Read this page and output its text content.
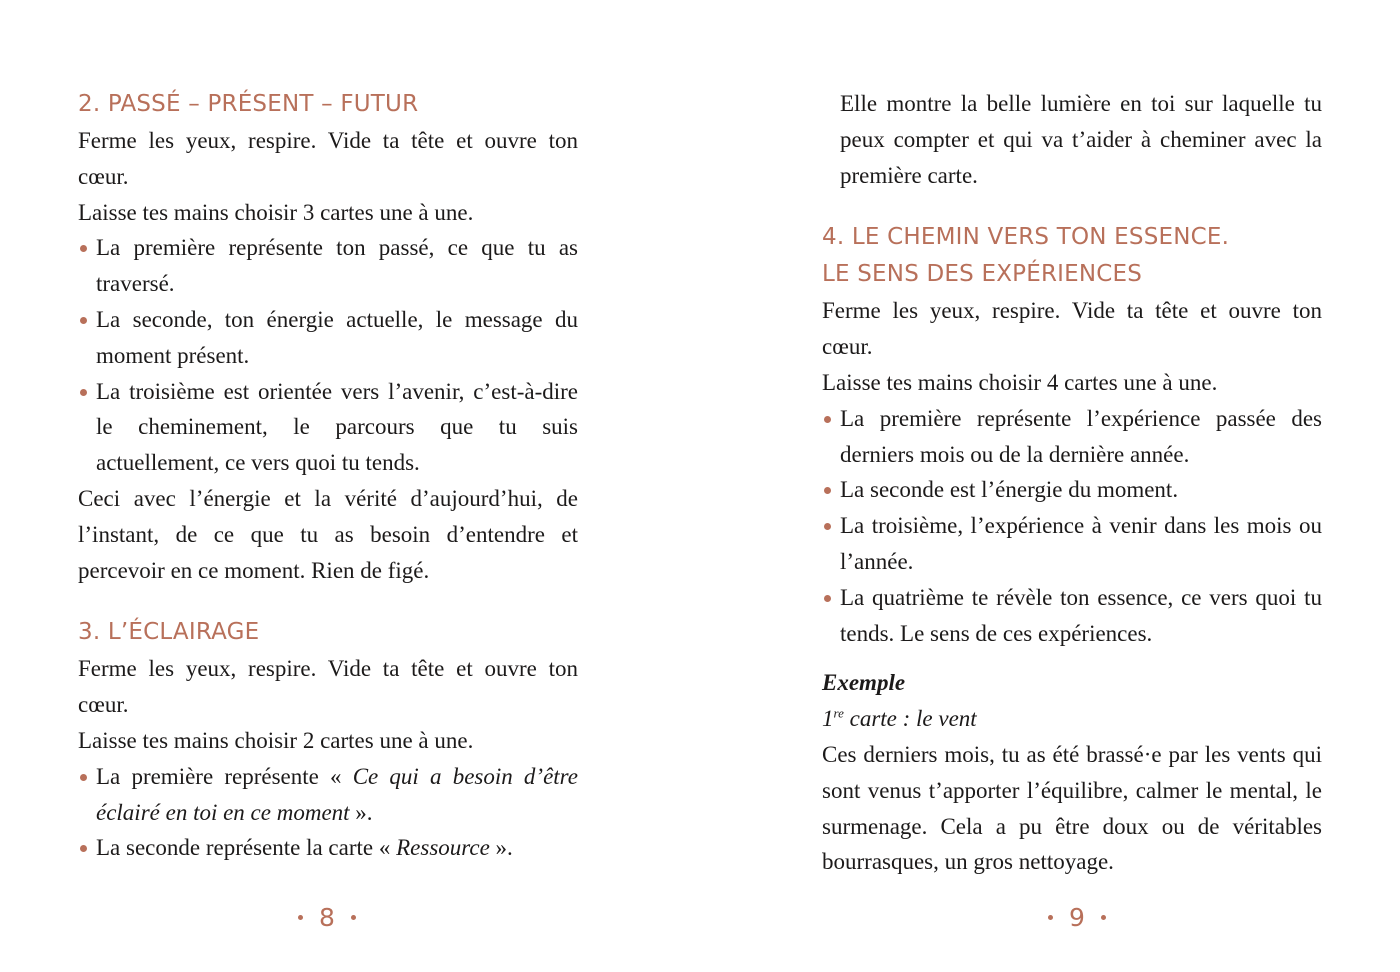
2. PASSÉ – PRÉSENT – FUTUR

Ferme les yeux, respire. Vide ta tête et ouvre ton cœur.

Laisse tes mains choisir 3 cartes une à une.

La première représente ton passé, ce que tu as traversé.
La seconde, ton énergie actuelle, le message du moment présent.
La troisième est orientée vers l’avenir, c’est-à-dire le cheminement, le parcours que tu suis actuellement, ce vers quoi tu tends.

Ceci avec l’énergie et la vérité d’aujourd’hui, de l’instant, de ce que tu as besoin d’entendre et percevoir en ce moment. Rien de figé.

3. L’ÉCLAIRAGE

Ferme les yeux, respire. Vide ta tête et ouvre ton cœur.

Laisse tes mains choisir 2 cartes une à une.

La première représente « Ce qui a besoin d’être éclairé en toi en ce moment ».
La seconde représente la carte « Ressource ».
8

Elle montre la belle lumière en toi sur laquelle tu peux compter et qui va t’aider à cheminer avec la première carte.

4. LE CHEMIN VERS TON ESSENCE.
LE SENS DES EXPÉRIENCES

Ferme les yeux, respire. Vide ta tête et ouvre ton cœur.

Laisse tes mains choisir 4 cartes une à une.

La première représente l’expérience passée des derniers mois ou de la dernière année.
La seconde est l’énergie du moment.
La troisième, l’expérience à venir dans les mois ou l’année.
La quatrième te révèle ton essence, ce vers quoi tu tends. Le sens de ces expériences.

Exemple

1re carte : le vent

Ces derniers mois, tu as été brassé·e par les vents qui sont venus t’apporter l’équilibre, calmer le mental, le surmenage. Cela a pu être doux ou de véritables bourrasques, un gros nettoyage.

9
